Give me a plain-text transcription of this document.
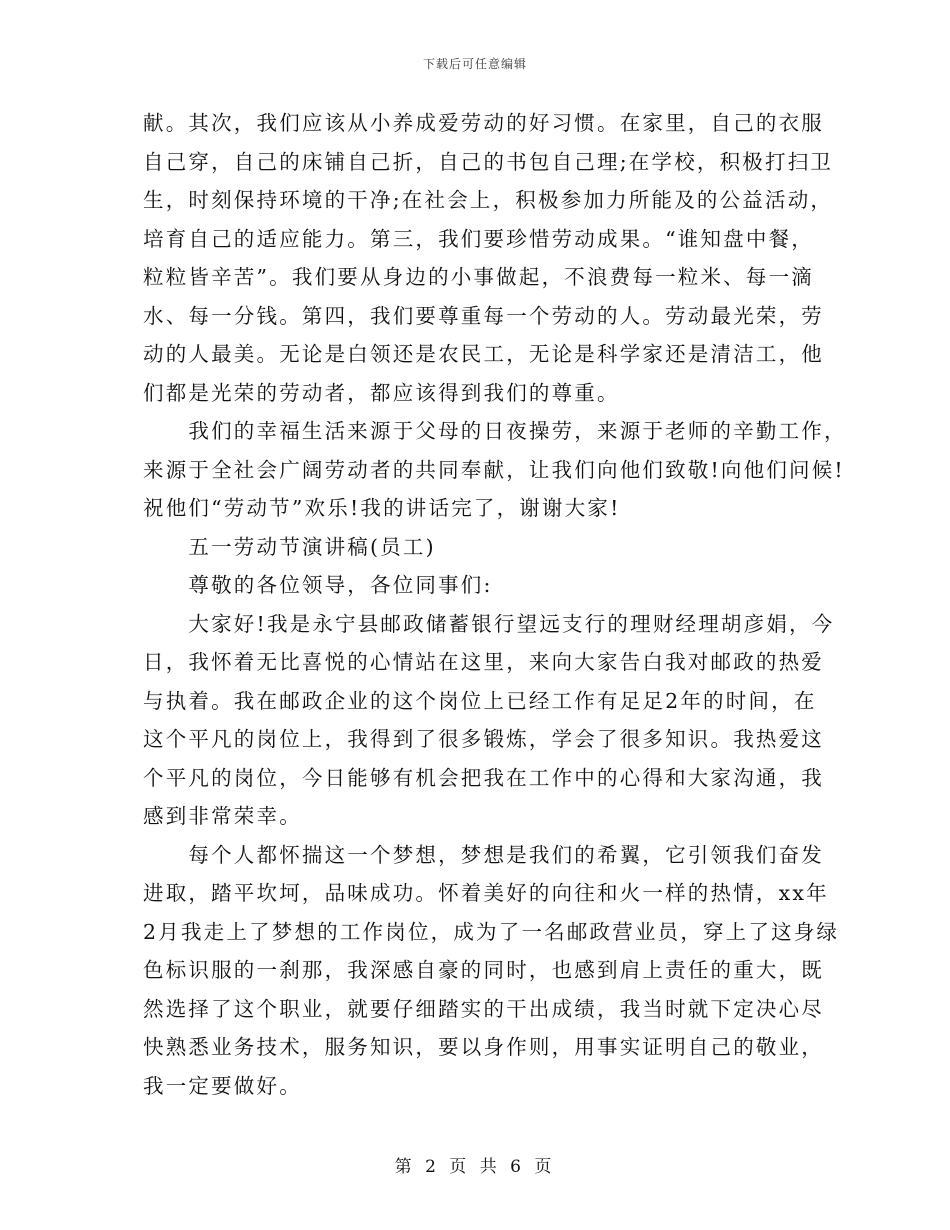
下载后可任意编辑
献。其次，我们应该从小养成爱劳动的好习惯。在家里，自己的衣服
自己穿，自己的床铺自己折，自己的书包自己理;在学校，积极打扫卫
生，时刻保持环境的干净;在社会上，积极参加力所能及的公益活动，
培育自己的适应能力。第三，我们要珍惜劳动成果。“谁知盘中餐，
粒粒皆辛苦”。我们要从身边的小事做起，不浪费每一粒米、每一滴
水、每一分钱。第四，我们要尊重每一个劳动的人。劳动最光荣，劳
动的人最美。无论是白领还是农民工，无论是科学家还是清洁工，他
们都是光荣的劳动者，都应该得到我们的尊重。
　　我们的幸福生活来源于父母的日夜操劳，来源于老师的辛勤工作，
来源于全社会广阔劳动者的共同奉献，让我们向他们致敬!向他们问候!
祝他们“劳动节”欢乐!我的讲话完了，谢谢大家!
　　五一劳动节演讲稿(员工)
　　尊敬的各位领导，各位同事们:
　　大家好!我是永宁县邮政储蓄银行望远支行的理财经理胡彦娟，今
日，我怀着无比喜悦的心情站在这里，来向大家告白我对邮政的热爱
与执着。我在邮政企业的这个岗位上已经工作有足足2年的时间，在
这个平凡的岗位上，我得到了很多锻炼，学会了很多知识。我热爱这
个平凡的岗位，今日能够有机会把我在工作中的心得和大家沟通，我
感到非常荣幸。
　　每个人都怀揣这一个梦想，梦想是我们的希翼，它引领我们奋发
进取，踏平坎坷，品味成功。怀着美好的向往和火一样的热情，xx年
2月我走上了梦想的工作岗位，成为了一名邮政营业员，穿上了这身绿
色标识服的一刹那，我深感自豪的同时，也感到肩上责任的重大，既
然选择了这个职业，就要仔细踏实的干出成绩，我当时就下定决心尽
快熟悉业务技术，服务知识，要以身作则，用事实证明自己的敬业，
我一定要做好。
第 2 页 共 6 页
